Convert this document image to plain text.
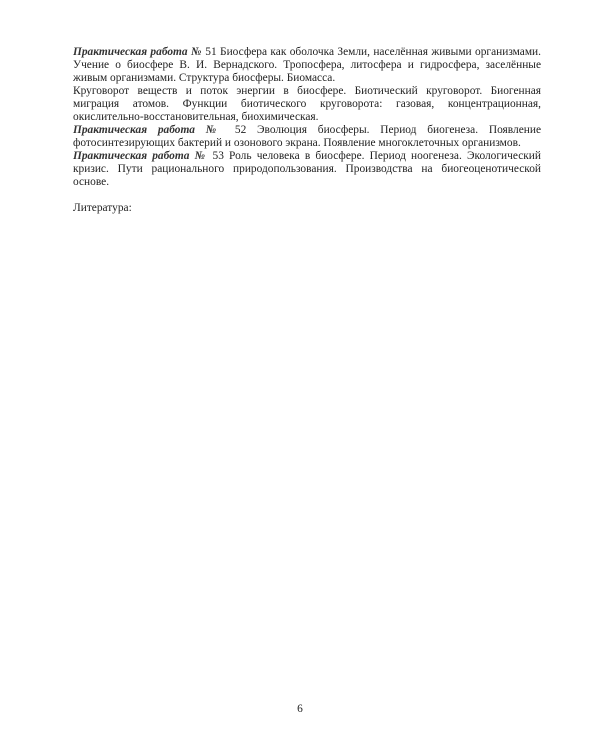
Практическая работа № 51 Биосфера как оболочка Земли, населённая живыми организмами.
Учение о биосфере В. И. Вернадского. Тропосфера, литосфера и гидросфера, заселённые живым организмами. Структура биосферы. Биомасса.

Круговорот веществ и поток энергии в биосфере. Биотический круговорот. Биогенная
миграция атомов. Функции биотического круговорота: газовая, концентрационная, окислительно-восстановительная, биохимическая.

Практическая работа № 52 Эволюция биосферы. Период биогенеза. Появление
фотосинтезирующих бактерий и озонового экрана. Появление многоклеточных организмов.

Практическая работа № 53 Роль человека в биосфере. Период ноогенеза. Экологический
кризис. Пути рационального природопользования. Производства на биогеоценотической основе.

Литература:

6
